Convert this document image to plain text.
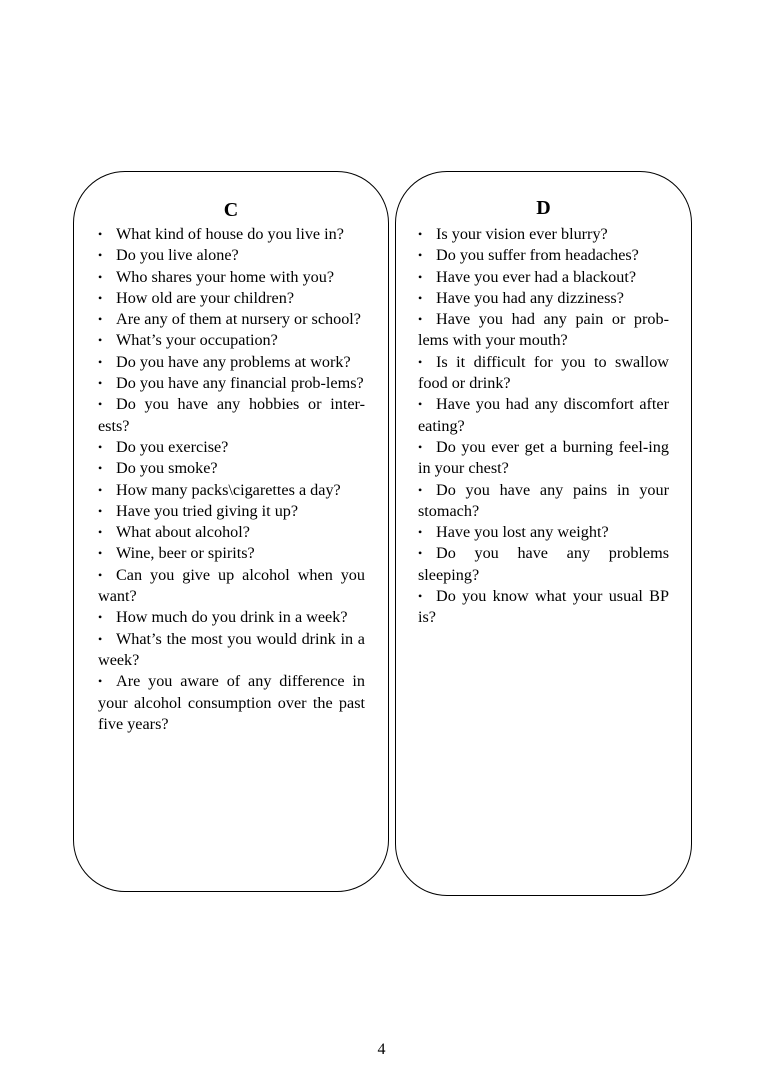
C
• What kind of house do you live in?
• Do you live alone?
• Who shares your home with you?
• How old are your children?
• Are any of them at nursery or school?
• What’s your occupation?
• Do you have any problems at work?
• Do you have any financial prob-lems?
• Do you have any hobbies or inter-ests?
• Do you exercise?
• Do you smoke?
• How many packs\cigarettes a day?
• Have you tried giving it up?
• What about alcohol?
• Wine, beer or spirits?
• Can you give up alcohol when you want?
• How much do you drink in a week?
• What’s the most you would drink in a week?
• Are you aware of any difference in your alcohol consumption over the past five years?
D
• Is your vision ever blurry?
• Do you suffer from headaches?
• Have you ever had a blackout?
• Have you had any dizziness?
• Have you had any pain or prob-lems with your mouth?
• Is it difficult for you to swallow food or drink?
• Have you had any discomfort after eating?
• Do you ever get a burning feel-ing in your chest?
• Do you have any pains in your stomach?
• Have you lost any weight?
• Do you have any problems sleeping?
• Do you know what your usual BP is?
4
